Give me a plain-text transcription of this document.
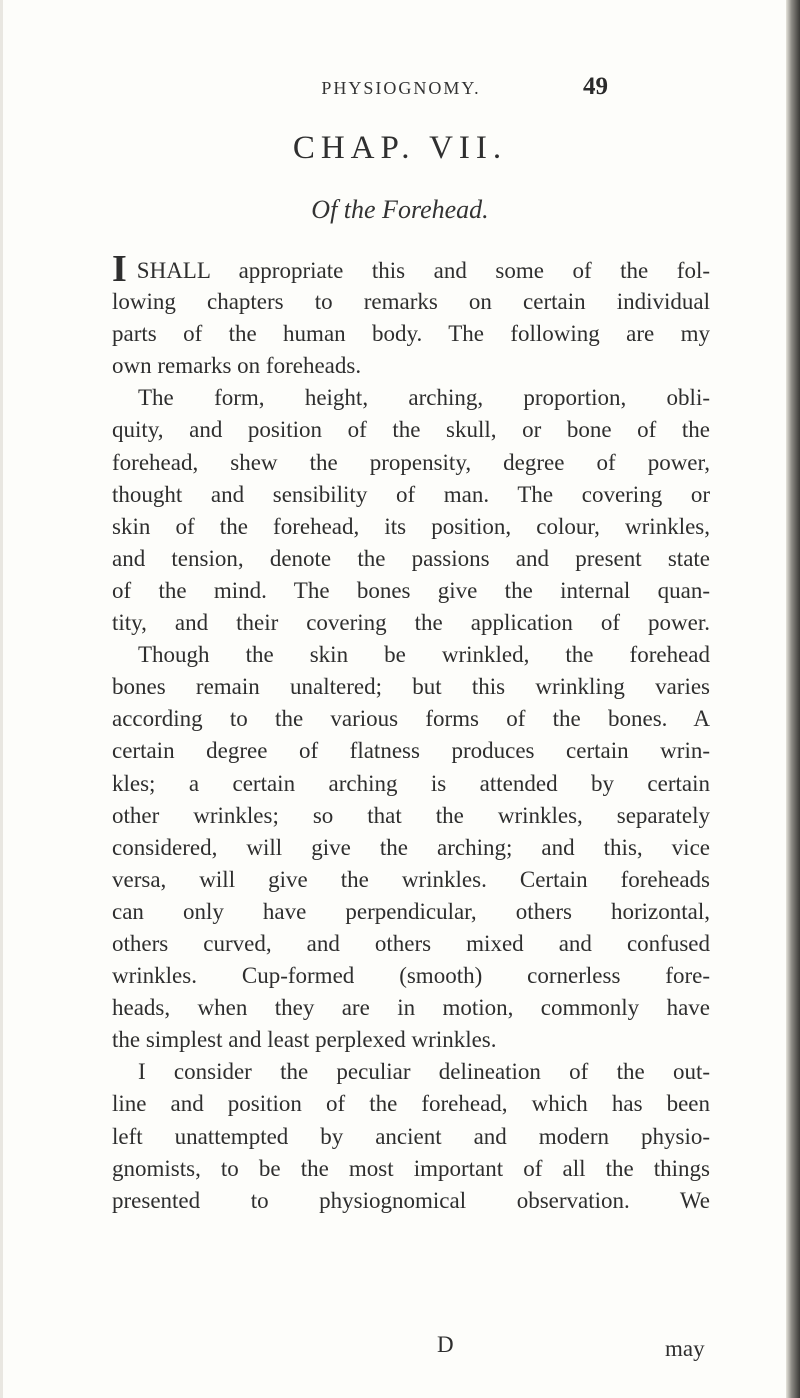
PHYSIOGNOMY.	49
CHAP. VII.
Of the Forehead.
ISHALL appropriate this and some of the fol-
lowing chapters to remarks on certain individual
parts of the human body. The following are my
own remarks on foreheads.
The form, height, arching, proportion, obli-
quity, and position of the skull, or bone of the
forehead, shew the propensity, degree of power,
thought and sensibility of man. The covering or
skin of the forehead, its position, colour, wrinkles,
and tension, denote the passions and present state
of the mind. The bones give the internal quan-
tity, and their covering the application of power.
Though the skin be wrinkled, the forehead
bones remain unaltered; but this wrinkling varies
according to the various forms of the bones. A
certain degree of flatness produces certain wrin-
kles; a certain arching is attended by certain
other wrinkles; so that the wrinkles, separately
considered, will give the arching; and this, vice
versa, will give the wrinkles. Certain foreheads
can only have perpendicular, others horizontal,
others curved, and others mixed and confused
wrinkles. Cup-formed (smooth) cornerless fore-
heads, when they are in motion, commonly have
the simplest and least perplexed wrinkles.
I consider the peculiar delineation of the out-
line and position of the forehead, which has been
left unattempted by ancient and modern physio-
gnomists, to be the most important of all the things
presented to physiognomical observation. We
D	may
